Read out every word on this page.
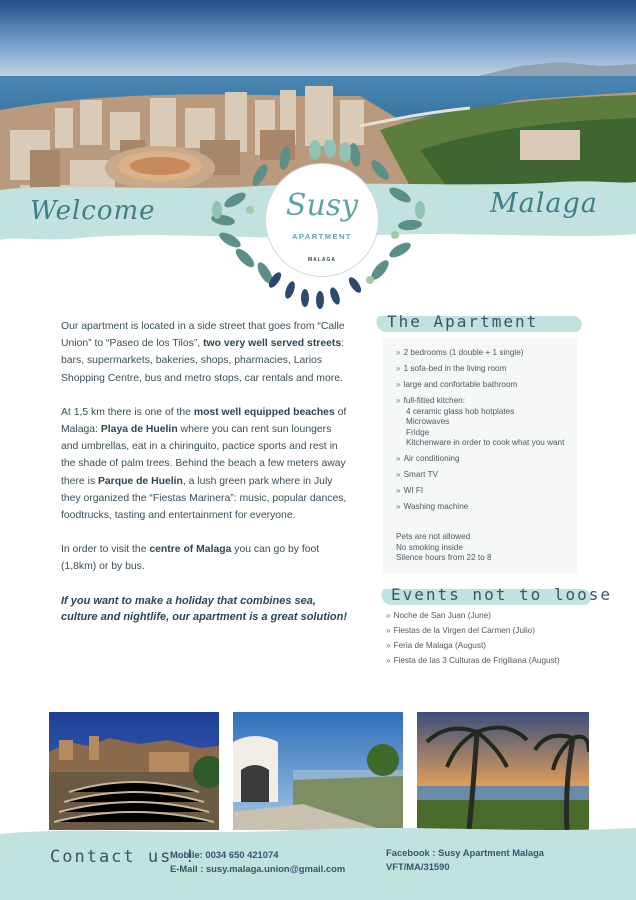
Welcome	Malaga
Susy
APARTMENT
MALAGA

Our apartment is located in a side street that goes from “Calle Union” to “Paseo de los Tilos”, two very well served streets: bars, supermarkets, bakeries, shops, pharmacies, Larios Shopping Centre, bus and metro stops, car rentals and more.

At 1,5 km there is one of the most well equipped beaches of Malaga: Playa de Huelin where you can rent sun loungers and umbrellas, eat in a chiringuito, pactice sports and rest in the shade of palm trees. Behind the beach a few meters away there is Parque de Huelin, a lush green park where in July they organized the “Fiestas Marinera”: music, popular dances, foodtrucks, tasting and entertainment for everyone.

In order to visit the centre of Malaga you can go by foot (1,8km) or by bus.

If you want to make a holiday that combines sea, culture and nightlife, our apartment is a great solution!

The Apartment
» 2 bedrooms (1 double + 1 single)
» 1 sofa-bed in the living room
» large and confortable bathroom
» full-fitted kitchen:
4 ceramic glass hob hotplates
Microwaves
Fridge
Kitchenware in order to cook what you want
» Air conditioning
» Smart TV
» WI FI
» Washing machine
Pets are not allowed
No smoking inside
Silence hours from 22 to 8
Events not to loose
» Noche de San Juan (June)
» Fiestas de la Virgen del Carmen (Julio)
» Feria de Malaga (August)
» Fiesta de las 3 Culturas de Frigiliana (August)
Contact us !
Mobile: 0034 650 421074
E-Mail : susy.malaga.union@gmail.com
Facebook : Susy Apartment Malaga
VFT/MA/31590
